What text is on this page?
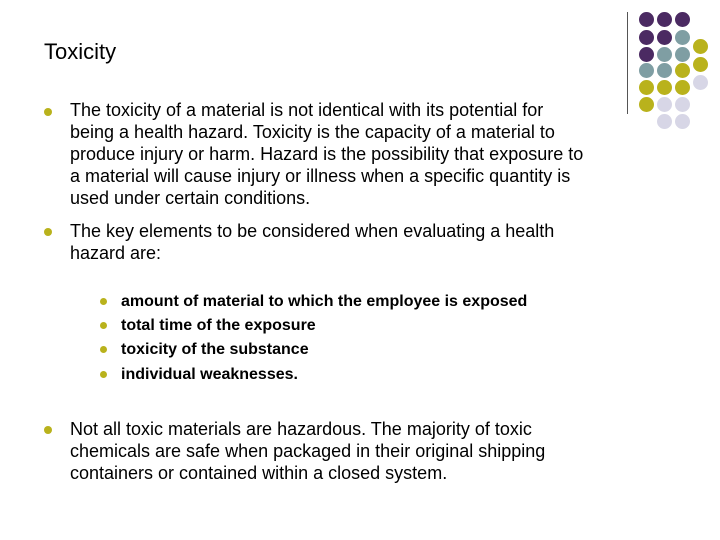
Toxicity
The toxicity of a material is not identical with its potential for
being a health hazard. Toxicity is the capacity of a material to
produce injury or harm. Hazard is the possibility that exposure to
a material will cause injury or illness when a specific quantity is
used under certain conditions.
The key elements to be considered when evaluating a health
hazard are:
amount of material to which the employee is exposed
total time of the exposure
toxicity of the substance
individual weaknesses.
Not all toxic materials are hazardous. The majority of toxic
chemicals are safe when packaged in their original shipping
containers or contained within a closed system.
